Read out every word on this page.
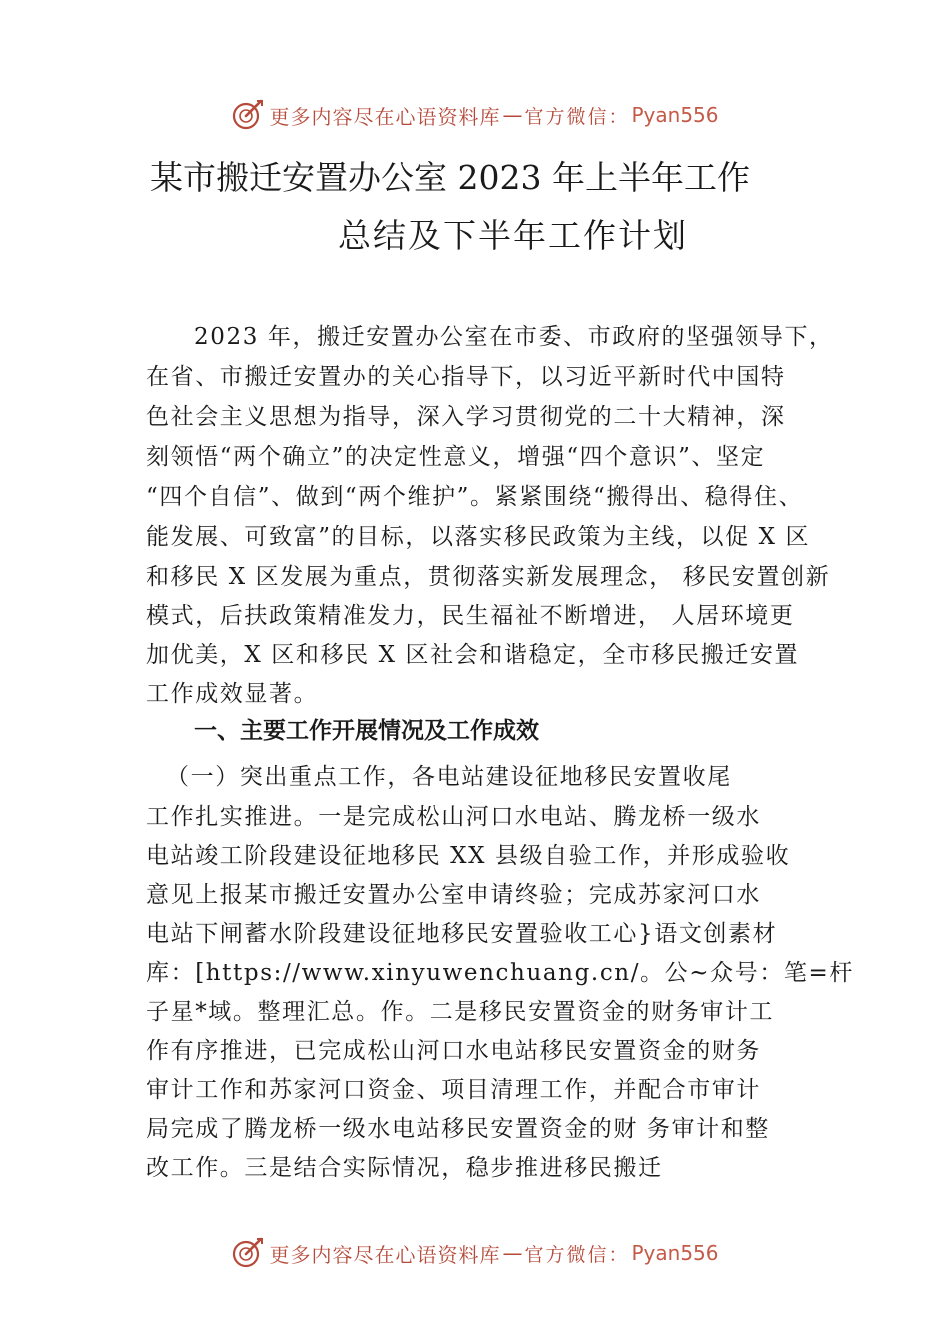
更多内容尽在心语资料库 — 官方微信： Pyan556
某市搬迁安置办公室 2023 年上半年工作
总结及下半年工作计划
2023 年，搬迁安置办公室在市委、市政府的坚强领导下，
在省、市搬迁安置办的关心指导下，以习近平新时代中国特
色社会主义思想为指导，深入学习贯彻党的二十大精神，深
刻领悟“两个确立”的决定性意义，增强“四个意识”、坚定
“四个自信”、做到“两个维护”。紧紧围绕“搬得出、稳得住、
能发展、可致富”的目标，以落实移民政策为主线，以促 X 区
和移民 X 区发展为重点，贯彻落实新发展理念， 移民安置创新
模式，后扶政策精准发力，民生福祉不断增进， 人居环境更
加优美，X 区和移民 X 区社会和谐稳定，全市移民搬迁安置
工作成效显著。
一、主要工作开展情况及工作成效
（一）突出重点工作，各电站建设征地移民安置收尾
工作扎实推进。一是完成松山河口水电站、腾龙桥一级水
电站竣工阶段建设征地移民 XX 县级自验工作，并形成验收
意见上报某市搬迁安置办公室申请终验；完成苏家河口水
电站下闸蓄水阶段建设征地移民安置验收工心}语文创素材
库：[https://www.xinyuwenchuang.cn/。公~众号：笔=杆
子星*域。整理汇总。作。二是移民安置资金的财务审计工
作有序推进，已完成松山河口水电站移民安置资金的财务
审计工作和苏家河口资金、项目清理工作，并配合市审计
局完成了腾龙桥一级水电站移民安置资金的财 务审计和整
改工作。三是结合实际情况，稳步推进移民搬迁
更多内容尽在心语资料库 — 官方微信： Pyan556
